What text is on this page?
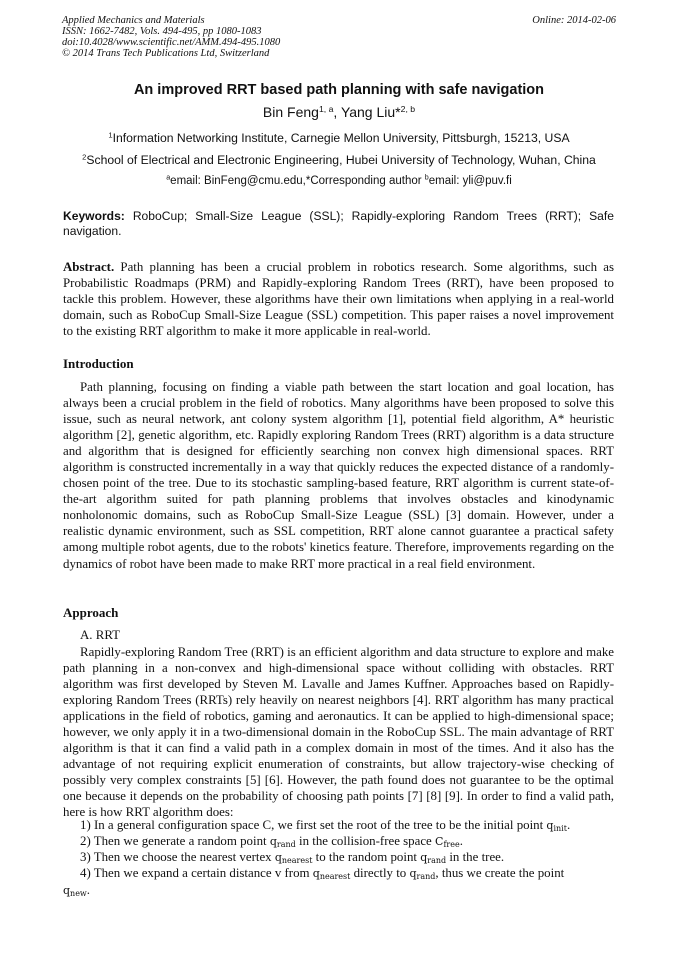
Applied Mechanics and Materials
ISSN: 1662-7482, Vols. 494-495, pp 1080-1083
doi:10.4028/www.scientific.net/AMM.494-495.1080
© 2014 Trans Tech Publications Ltd, Switzerland
Online: 2014-02-06
An improved RRT based path planning with safe navigation
Bin Feng$^{1, a}$, Yang Liu*$^{2, b}$
$^1$Information Networking Institute, Carnegie Mellon University, Pittsburgh, 15213, USA
$^2$School of Electrical and Electronic Engineering, Hubei University of Technology, Wuhan, China
$^a$email: BinFeng@cmu.edu,*Corresponding author $^b$email: yli@puv.fi
Keywords: RoboCup; Small-Size League (SSL); Rapidly-exploring Random Trees (RRT); Safe navigation.
Abstract. Path planning has been a crucial problem in robotics research. Some algorithms, such as Probabilistic Roadmaps (PRM) and Rapidly-exploring Random Trees (RRT), have been proposed to tackle this problem. However, these algorithms have their own limitations when applying in a real-world domain, such as RoboCup Small-Size League (SSL) competition. This paper raises a novel improvement to the existing RRT algorithm to make it more applicable in real-world.
Introduction
Path planning, focusing on finding a viable path between the start location and goal location, has always been a crucial problem in the field of robotics. Many algorithms have been proposed to solve this issue, such as neural network, ant colony system algorithm [1], potential field algorithm, A* heuristic algorithm [2], genetic algorithm, etc. Rapidly exploring Random Trees (RRT) algorithm is a data structure and algorithm that is designed for efficiently searching non convex high dimensional spaces. RRT algorithm is constructed incrementally in a way that quickly reduces the expected distance of a randomly-chosen point of the tree. Due to its stochastic sampling-based feature, RRT algorithm is current state-of-the-art algorithm suited for path planning problems that involves obstacles and kinodynamic nonholonomic domains, such as RoboCup Small-Size League (SSL) [3] domain. However, under a realistic dynamic environment, such as SSL competition, RRT alone cannot guarantee a practical safety among multiple robot agents, due to the robots' kinetics feature. Therefore, improvements regarding on the dynamics of robot have been made to make RRT more practical in a real field environment.
Approach
A. RRT
Rapidly-exploring Random Tree (RRT) is an efficient algorithm and data structure to explore and make path planning in a non-convex and high-dimensional space without colliding with obstacles. RRT algorithm was first developed by Steven M. Lavalle and James Kuffner. Approaches based on Rapidly-exploring Random Trees (RRTs) rely heavily on nearest neighbors [4]. RRT algorithm has many practical applications in the field of robotics, gaming and aeronautics. It can be applied to high-dimensional space; however, we only apply it in a two-dimensional domain in the RoboCup SSL. The main advantage of RRT algorithm is that it can find a valid path in a complex domain in most of the times. And it also has the advantage of not requiring explicit enumeration of constraints, but allow trajectory-wise checking of possibly very complex constraints [5] [6]. However, the path found does not guarantee to be the optimal one because it depends on the probability of choosing path points [7] [8] [9]. In order to find a valid path, here is how RRT algorithm does:
1) In a general configuration space C, we first set the root of the tree to be the initial point $q_{init}$.
2) Then we generate a random point $q_{rand}$ in the collision-free space $C_{free}$.
3) Then we choose the nearest vertex $q_{nearest}$ to the random point $q_{rand}$ in the tree.
4) Then we expand a certain distance v from $q_{nearest}$ directly to $q_{rand}$, thus we create the point
$q_{new}$.
